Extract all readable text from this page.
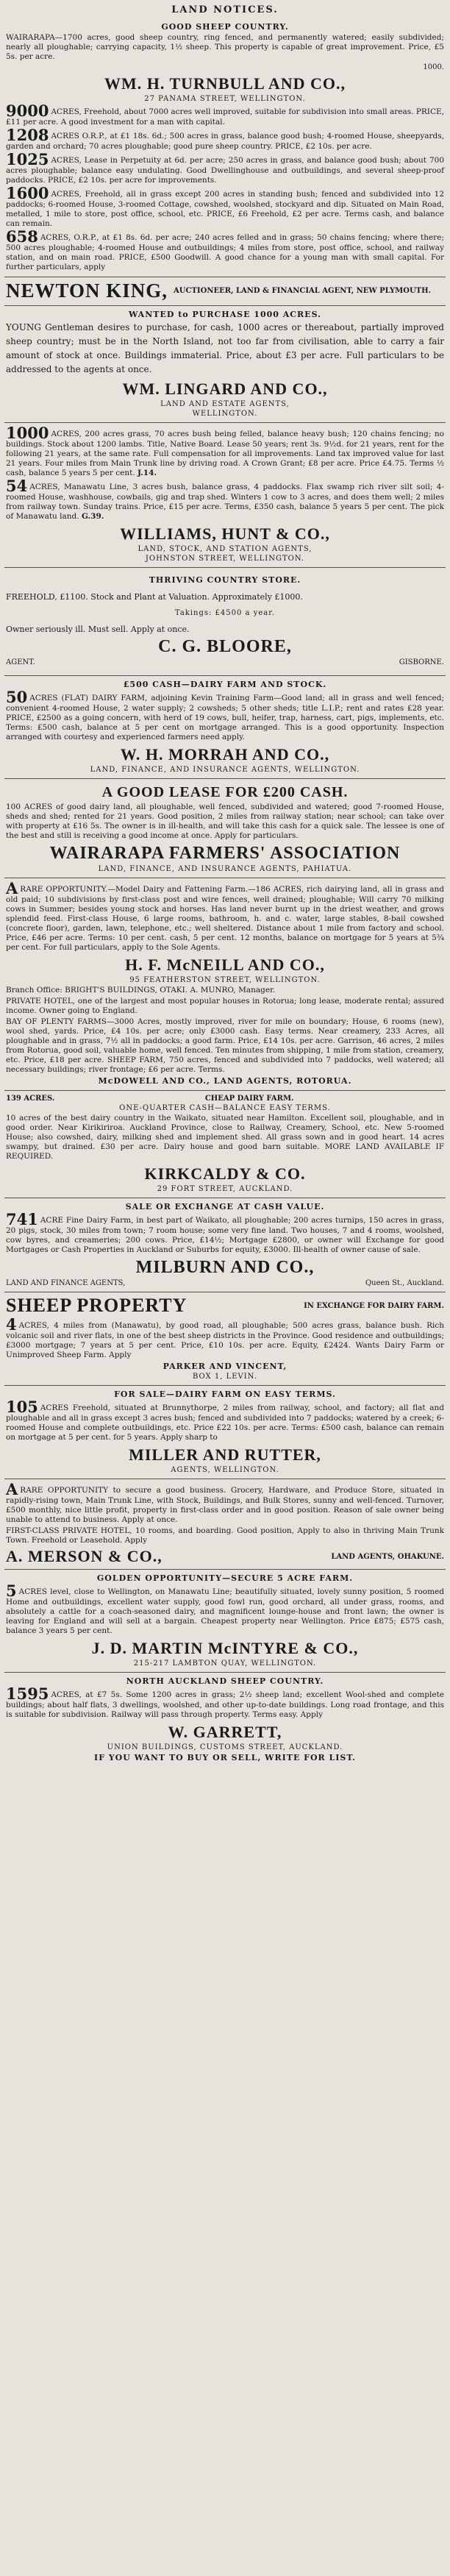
LAND NOTICES.
GOOD SHEEP COUNTRY.
WAIRARAPA—1700 acres, good sheep country, ring fenced, and permanently watered; easily subdivided; nearly all ploughable; carrying capacity, 1½ sheep. This property is capable of great improvement. Price, £5 5s. per acre.
1000.
WM. H. TURNBULL AND CO.,
27 PANAMA STREET, WELLINGTON.
9000 ACRES, Freehold, about 7000 acres well improved, suitable for subdivision into small areas. PRICE, £11 per acre. A good investment for a man with capital.
1208 ACRES O.R.P., at £1 18s. 6d.; 500 acres in grass, balance good bush; 4-roomed House, sheepyards, garden and orchard; 70 acres ploughable; good pure sheep country. PRICE, £2 10s. per acre.
1025 ACRES, Lease in Perpetuity at 6d. per acre; 250 acres in grass, and balance good bush; about 700 acres ploughable; balance easy undulating. Good Dwellinghouse and outbuildings, and several sheep-proof paddocks. PRICE, £2 10s. per acre for improvements.
1600 ACRES, Freehold, all in grass except 200 acres in standing bush; fenced and subdivided into 12 paddocks; 6-roomed House, 3-roomed Cottage, cowshed, woolshed, stockyard and dip. Situated on Main Road, metalled, 1 mile to store, post office, school, etc. PRICE, £6 Freehold, £2 per acre. Terms cash, and balance can remain.
658 ACRES, O.R.P., at £1 8s. 6d. per acre; 240 acres felled and in grass; 50 chains fencing; where there; 500 acres ploughable; 4-roomed House and outbuildings; 4 miles from store, post office, school, and railway station, and on main road. PRICE, £500 Goodwill. A good chance for a young man with small capital. For further particulars, apply
NEWTON KING, AUCTIONEER, LAND & FINANCIAL AGENT, NEW PLYMOUTH.
WANTED to PURCHASE 1000 ACRES.
YOUNG Gentleman desires to purchase, for cash, 1000 acres or thereabout, partially improved sheep country; must be in the North Island, not too far from civilisation, able to carry a fair amount of stock at once. Buildings immaterial. Price, about £3 per acre. Full particulars to be addressed to the agents at once.
WM. LINGARD AND CO.,
LAND AND ESTATE AGENTS,
WELLINGTON.
1000 ACRES, 200 acres grass, 70 acres bush being felled, balance heavy bush; 120 chains fencing; no buildings. Stock about 1200 lambs. Title, Native Board. Lease 50 years; rent 3s. 9½d. for 21 years, rent for the following 21 years, at the same rate. Full compensation for all improvements. Land tax improved value for last 21 years. Four miles from Main Trunk line by driving road. A Crown Grant; £8 per acre. Price £4.75. Terms ½ cash, balance 5 years 5 per cent. J.14.
54 ACRES, Manawatu Line, 3 acres bush, balance grass, 4 paddocks. Flax swamp rich river silt soil; 4-roomed House, washhouse, cowbails, gig and trap shed. Winters 1 cow to 3 acres, and does them well; 2 miles from railway town. Sunday trains. Price, £15 per acre. Terms, £350 cash, balance 5 years 5 per cent. The pick of Manawatu land. G.39.
WILLIAMS, HUNT & CO.,
LAND, STOCK, AND STATION AGENTS,
JOHNSTON STREET, WELLINGTON.
THRIVING COUNTRY STORE.
FREEHOLD, £1100. Stock and Plant at Valuation. Approximately £1000.
Takings: £4500 a year.
Owner seriously ill. Must sell. Apply at once.
C. G. BLOORE,
AGENT.	GISBORNE.
£500 CASH—DAIRY FARM AND STOCK.
50 ACRES (FLAT) DAIRY FARM, adjoining Kevin Training Farm—Good land; all in grass and well fenced; convenient 4-roomed House, 2 water supply; 2 cowsheds; 5 other sheds; title L.I.P.; rent and rates £28 year. PRICE, £2500 as a going concern, with herd of 19 cows, bull, heifer, trap, harness, cart, pigs, implements, etc. Terms: £500 cash, balance at 5 per cent on mortgage arranged. This is a good opportunity. Inspection arranged with courtesy and experienced farmers need apply.
W. H. MORRAH AND CO.,
LAND, FINANCE, AND INSURANCE AGENTS, WELLINGTON.
A GOOD LEASE FOR £200 CASH.
100 ACRES of good dairy land, all ploughable, well fenced, subdivided and watered; good 7-roomed House, sheds and shed; rented for 21 years. Good position, 2 miles from railway station; near school; can take over with property at £16 5s. The owner is in ill-health, and will take this cash for a quick sale. The lessee is one of the best and still is receiving a good income at once. Apply for particulars.
WAIRARAPA FARMERS' ASSOCIATION
LAND, FINANCE, AND INSURANCE AGENTS, PAHIATUA.
ARARE OPPORTUNITY.—Model Dairy and Fattening Farm.—186 ACRES, rich dairying land, all in grass and old paid; 10 subdivisions by first-class post and wire fences, well drained; ploughable; Will carry 70 milking cows in Summer; besides young stock and horses. Has land never burnt up in the driest weather, and grows splendid feed. First-class House, 6 large rooms, bathroom, h. and c. water, large stables, 8-bail cowshed (concrete floor), garden, lawn, telephone, etc.; well sheltered. Distance about 1 mile from factory and school. Price, £46 per acre. Terms: 10 per cent. cash, 5 per cent. 12 months, balance on mortgage for 5 years at 5¾ per cent. For full particulars, apply to the Sole Agents.
H. F. McNEILL AND CO.,
95 FEATHERSTON STREET, WELLINGTON.
Branch Office: BRIGHT'S BUILDINGS, OTAKI. A. MUNRO, Manager.
PRIVATE HOTEL, one of the largest and most popular houses in Rotorua; long lease, moderate rental; assured income. Owner going to England.
BAY OF PLENTY FARMS—3000 Acres, mostly improved, river for mile on boundary; House, 6 rooms (new), wool shed, yards. Price, £4 10s. per acre; only £3000 cash. Easy terms. Near creamery, 233 Acres, all ploughable and in grass, 7½ all in paddocks; a good farm. Price, £14 10s. per acre. Garrison, 46 acres, 2 miles from Rotorua, good soil, valuable home, well fenced. Ten minutes from shipping, 1 mile from station, creamery, etc. Price, £18 per acre. SHEEP FARM, 750 acres, fenced and subdivided into 7 paddocks, well watered; all necessary buildings; river frontage; £6 per acre. Terms.
McDOWELL AND CO., LAND AGENTS, ROTORUA.
139 ACRES.	CHEAP DAIRY FARM.
ONE-QUARTER CASH—BALANCE EASY TERMS.
10 acres of the best dairy country in the Waikato, situated near Hamilton. Excellent soil, ploughable, and in good order. Near Kirikiriroa. Auckland Province, close to Railway, Creamery, School, etc. New 5-roomed House; also cowshed, dairy, milking shed and implement shed. All grass sown and in good heart. 14 acres swampy, but drained. £30 per acre. Dairy house and good barn suitable. MORE LAND AVAILABLE IF REQUIRED.
KIRKCALDY & CO.
29 FORT STREET, AUCKLAND.
SALE OR EXCHANGE AT CASH VALUE.
741 ACRE Fine Dairy Farm, in best part of Waikato, all ploughable; 200 acres turnips, 150 acres in grass, 20 pigs, stock, 30 miles from town; 7 room house; some very fine land. Two houses, 7 and 4 rooms, woolshed, cow byres, and creameries; 200 cows. Price, £14½; Mortgage £2800, or owner will Exchange for good Mortgages or Cash Properties in Auckland or Suburbs for equity, £3000. Ill-health of owner cause of sale.
MILBURN AND CO.,
LAND AND FINANCE AGENTS,	Queen St., Auckland.
SHEEP PROPERTY	IN EXCHANGE FOR DAIRY FARM.
4 ACRES, 4 miles from (Manawatu), by good road, all ploughable; 500 acres grass, balance bush. Rich volcanic soil and river flats, in one of the best sheep districts in the Province. Good residence and outbuildings; £3000 mortgage; 7 years at 5 per cent. Price, £10 10s. per acre. Equity, £2424. Wants Dairy Farm or Unimproved Sheep Farm. Apply
PARKER AND VINCENT,
BOX 1, LEVIN.
FOR SALE—DAIRY FARM ON EASY TERMS.
105 ACRES Freehold, situated at Brunnythorpe, 2 miles from railway, school, and factory; all flat and ploughable and all in grass except 3 acres bush; fenced and subdivided into 7 paddocks; watered by a creek; 6-roomed House and complete outbuildings, etc. Price £22 10s. per acre. Terms: £500 cash, balance can remain on mortgage at 5 per cent. for 5 years. Apply sharp to
MILLER AND RUTTER,
AGENTS, WELLINGTON.
ARARE OPPORTUNITY to secure a good business. Grocery, Hardware, and Produce Store, situated in rapidly-rising town, Main Trunk Line, with Stock, Buildings, and Bulk Stores, sunny and well-fenced. Turnover, £500 monthly, nice little profit, property in first-class order and in good position. Reason of sale owner being unable to attend to business. Apply at once.
FIRST-CLASS PRIVATE HOTEL, 10 rooms, and boarding. Good position, Apply to also in thriving Main Trunk Town. Freehold or Leasehold. Apply
A. MERSON & CO.,	LAND AGENTS, OHAKUNE.
GOLDEN OPPORTUNITY—SECURE 5 ACRE FARM.
5 ACRES level, close to Wellington, on Manawatu Line; beautifully situated, lovely sunny position, 5 roomed Home and outbuildings, excellent water supply, good fowl run, good orchard, all under grass, rooms, and absolutely a cattle for a coach-seasoned dairy, and magnificent lounge-house and front lawn; the owner is leaving for England and will sell at a bargain. Cheapest property near Wellington. Price £875; £575 cash, balance 3 years 5 per cent.
J. D. MARTIN McINTYRE & CO.,
215-217 LAMBTON QUAY, WELLINGTON.
NORTH AUCKLAND SHEEP COUNTRY.
1595 ACRES, at £7 5s. Some 1200 acres in grass; 2½ sheep land; excellent Wool-shed and complete buildings; about half flats, 3 dwellings, woolshed, and other up-to-date buildings. Long road frontage, and this is suitable for subdivision. Railway will pass through property. Terms easy. Apply
W. GARRETT,
UNION BUILDINGS, CUSTOMS STREET, AUCKLAND.
IF YOU WANT TO BUY OR SELL, WRITE FOR LIST.
